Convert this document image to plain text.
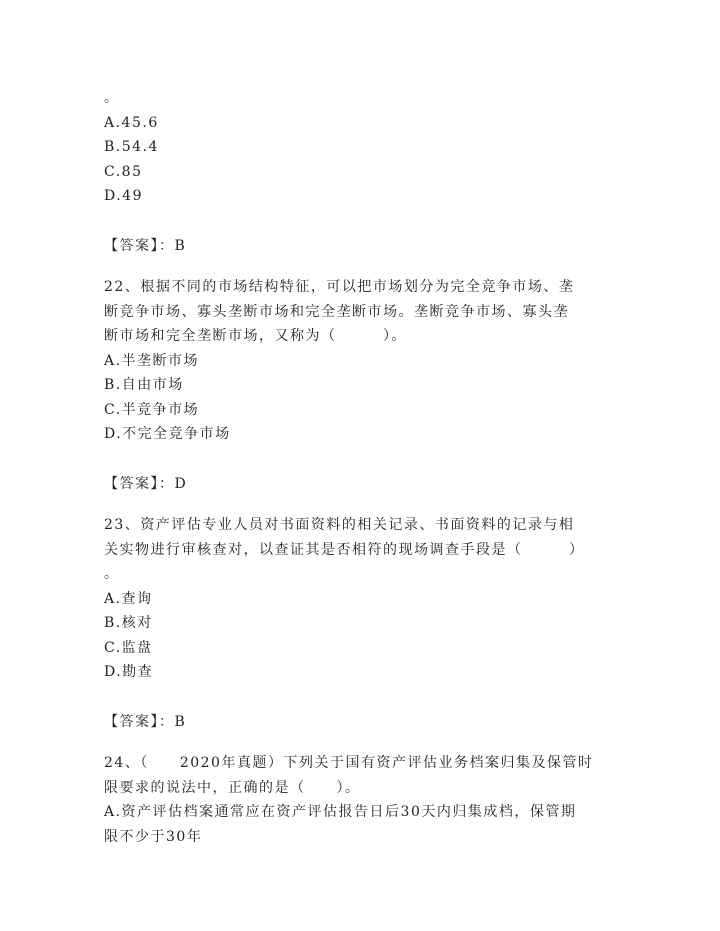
。
A.45.6
B.54.4
C.85
D.49
【答案】：B
22、根据不同的市场结构特征，可以把市场划分为完全竞争市场、垄
断竞争市场、寡头垄断市场和完全垄断市场。垄断竞争市场、寡头垄
断市场和完全垄断市场，又称为（　　　）。
A.半垄断市场
B.自由市场
C.半竞争市场
D.不完全竞争市场
【答案】：D
23、资产评估专业人员对书面资料的相关记录、书面资料的记录与相
关实物进行审核查对，以查证其是否相符的现场调查手段是（　　　）
。
A.查询
B.核对
C.监盘
D.勘查
【答案】：B
24、（　　2020年真题）下列关于国有资产评估业务档案归集及保管时
限要求的说法中，正确的是（　　）。
A.资产评估档案通常应在资产评估报告日后30天内归集成档，保管期
限不少于30年
